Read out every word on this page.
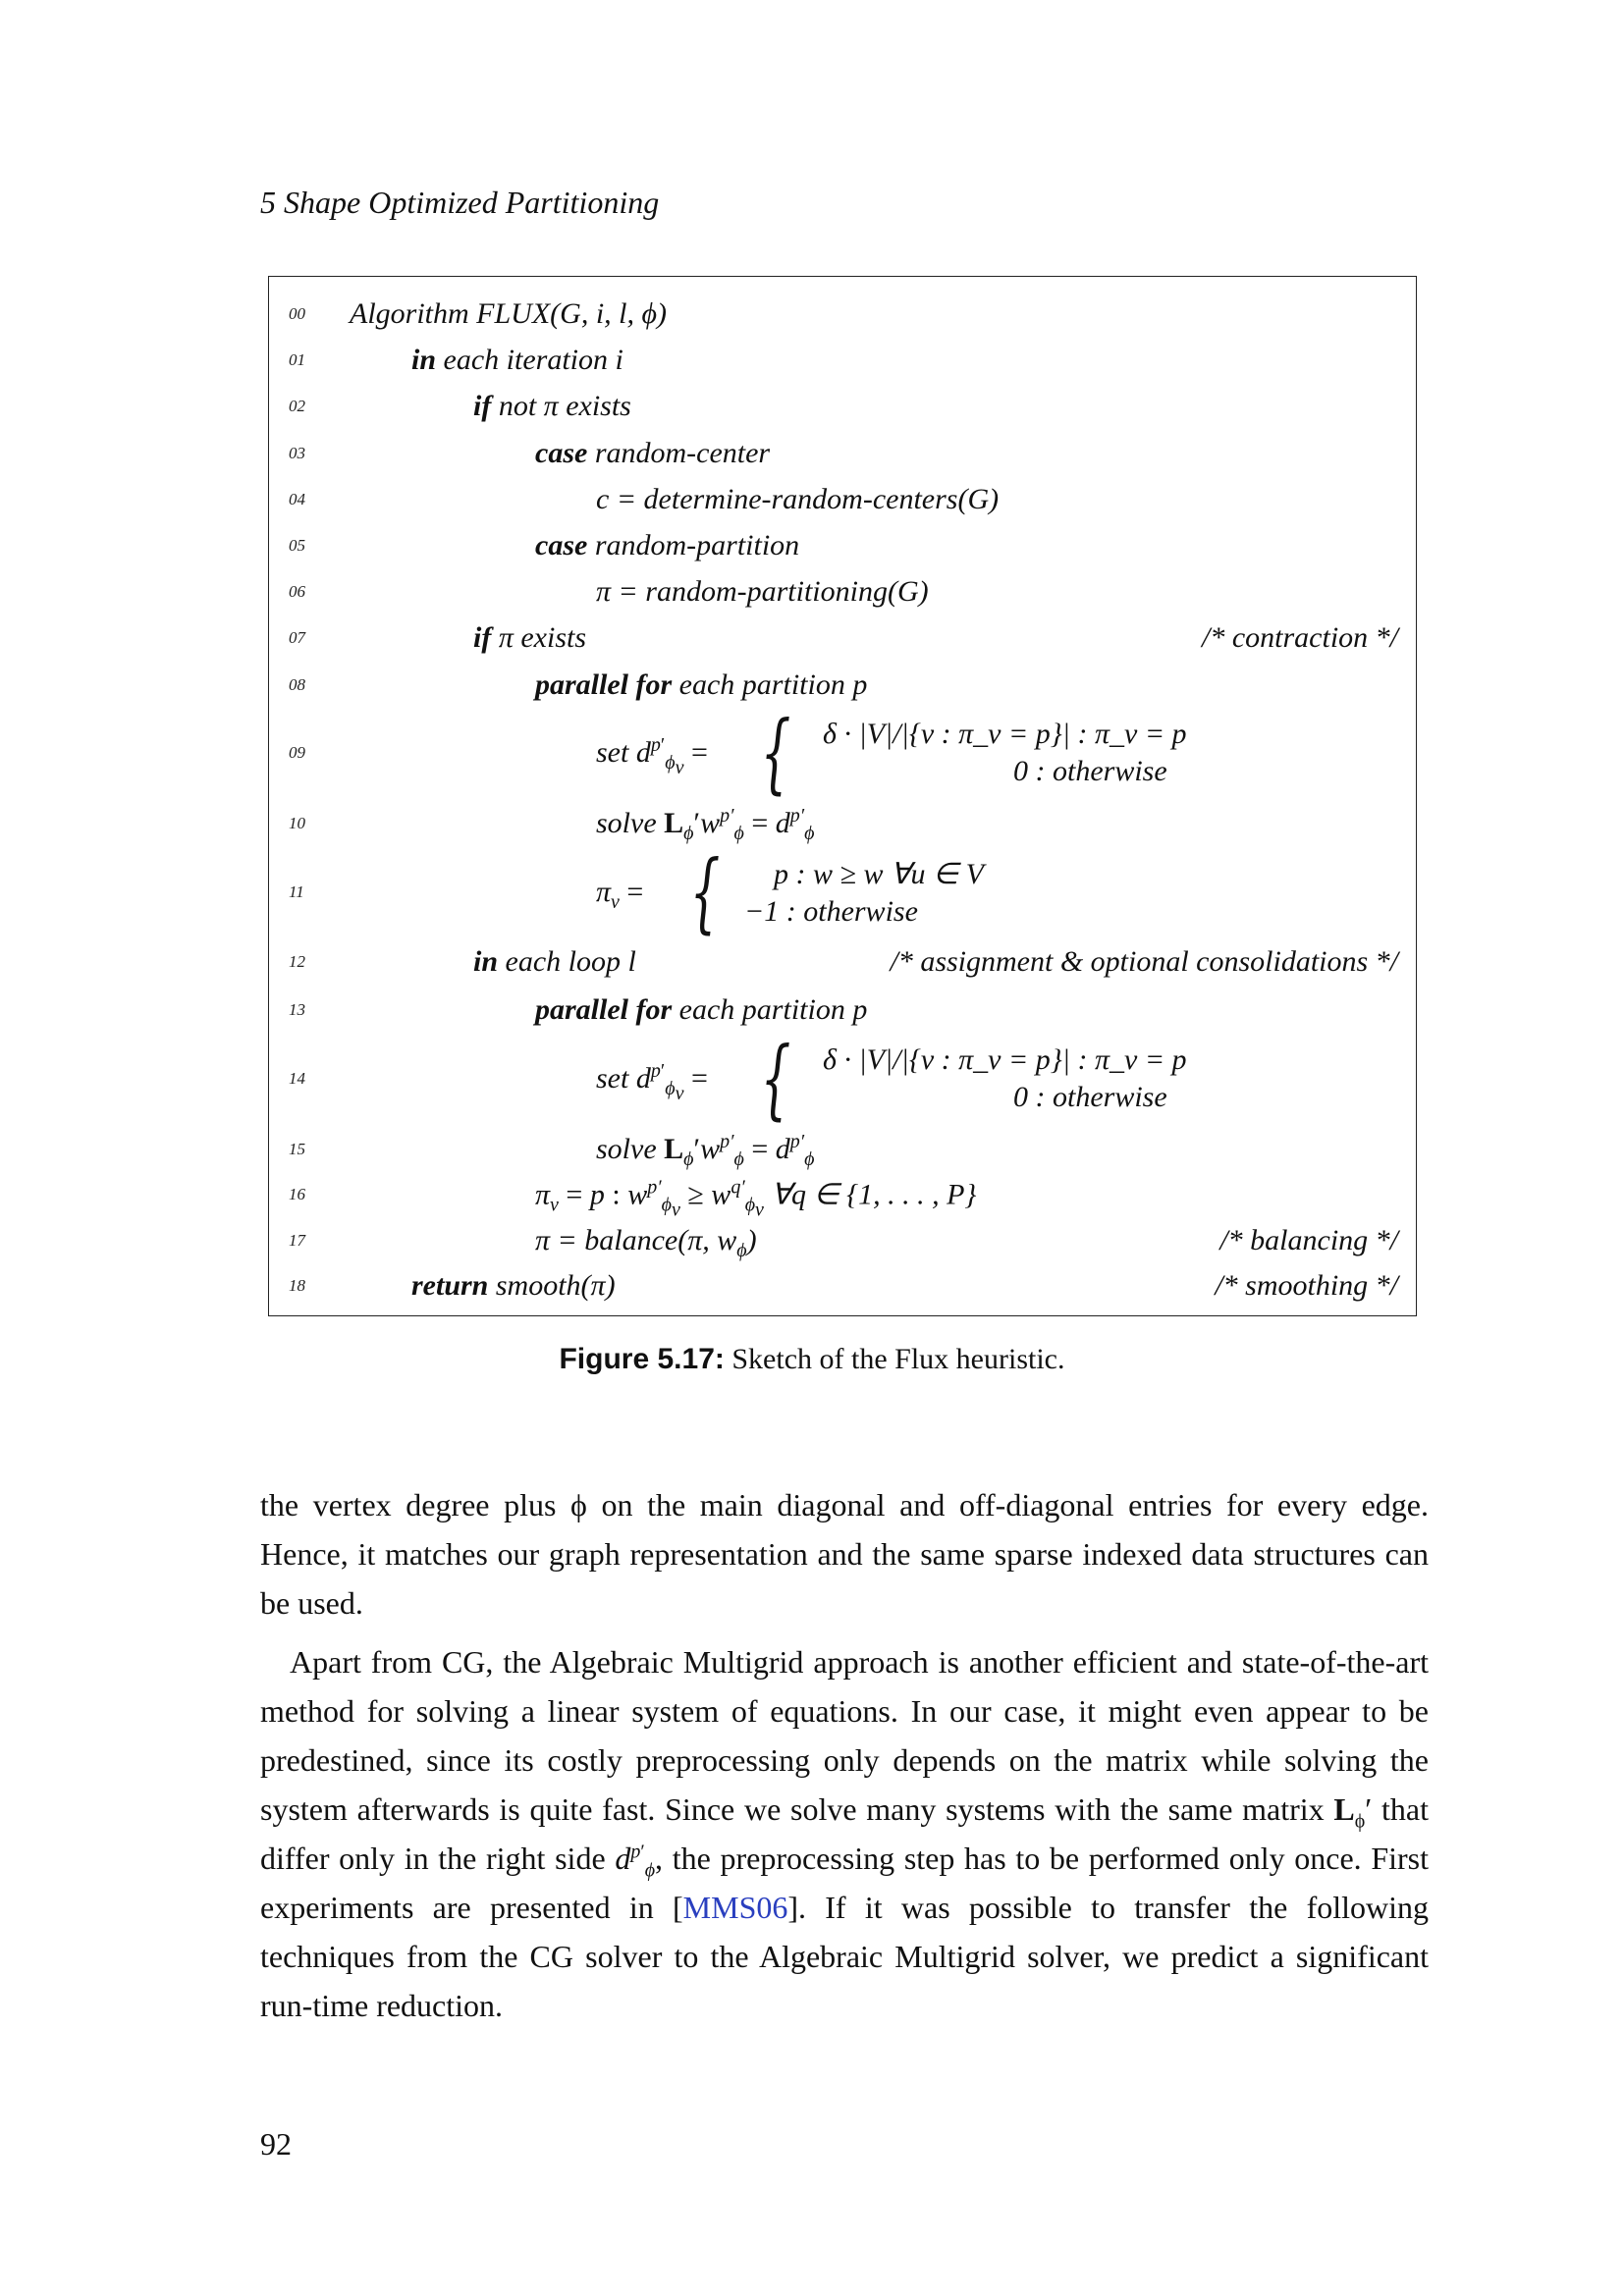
5 Shape Optimized Partitioning
00 Algorithm FLUX(G, i, l, ϕ)
01	in each iteration i
02	if not π exists
03	case random-center
04	c = determine-random-centers(G)
05	case random-partition
06	π = random-partitioning(G)
07	if π exists	/* contraction */
08	parallel for each partition p
09	set $d^{p'}_{\phi_v}$ = {	δ · |V|/|{v : π_v = p}| : π_v = p
0 : otherwise
10	solve $L_\phi'w^{p'}_\phi = d^{p'}_\phi$
11	$\pi_v$ = {	p : w ≥ w ∀u ∈ V
−1 : otherwise
12	in each loop l	/* assignment & optional consolidations */
13	parallel for each partition p
14	set $d^{p'}_{\phi_v}$ = {	δ · |V|/|{v : π_v = p}| : π_v = p
0 : otherwise
15	solve $L_\phi'w^{p'}_\phi = d^{p'}_\phi$
16	$\pi_v = p$ : $w^{p'}_{\phi_v} \ge w^{q'}_{\phi_v}$ ∀q ∈ {1, . . . , P}
17	π = balance(π, $w_\phi$)	/* balancing */
18	return smooth(π)	/* smoothing */
Figure 5.17: Sketch of the Flux heuristic.
the vertex degree plus ϕ on the main diagonal and off-diagonal entries for every edge. Hence, it matches our graph representation and the same sparse indexed data structures can be used.
Apart from CG, the Algebraic Multigrid approach is another efficient and state-of-the-art method for solving a linear system of equations. In our case, it might even appear to be predestined, since its costly preprocessing only depends on the matrix while solving the system afterwards is quite fast. Since we solve many systems with the same matrix $L_\phi'$ that differ only in the right side $d^{p'}_\phi$, the preprocessing step has to be performed only once. First experiments are presented in [MMS06]. If it was possible to transfer the following techniques from the CG solver to the Algebraic Multigrid solver, we predict a significant run-time reduction.
92
